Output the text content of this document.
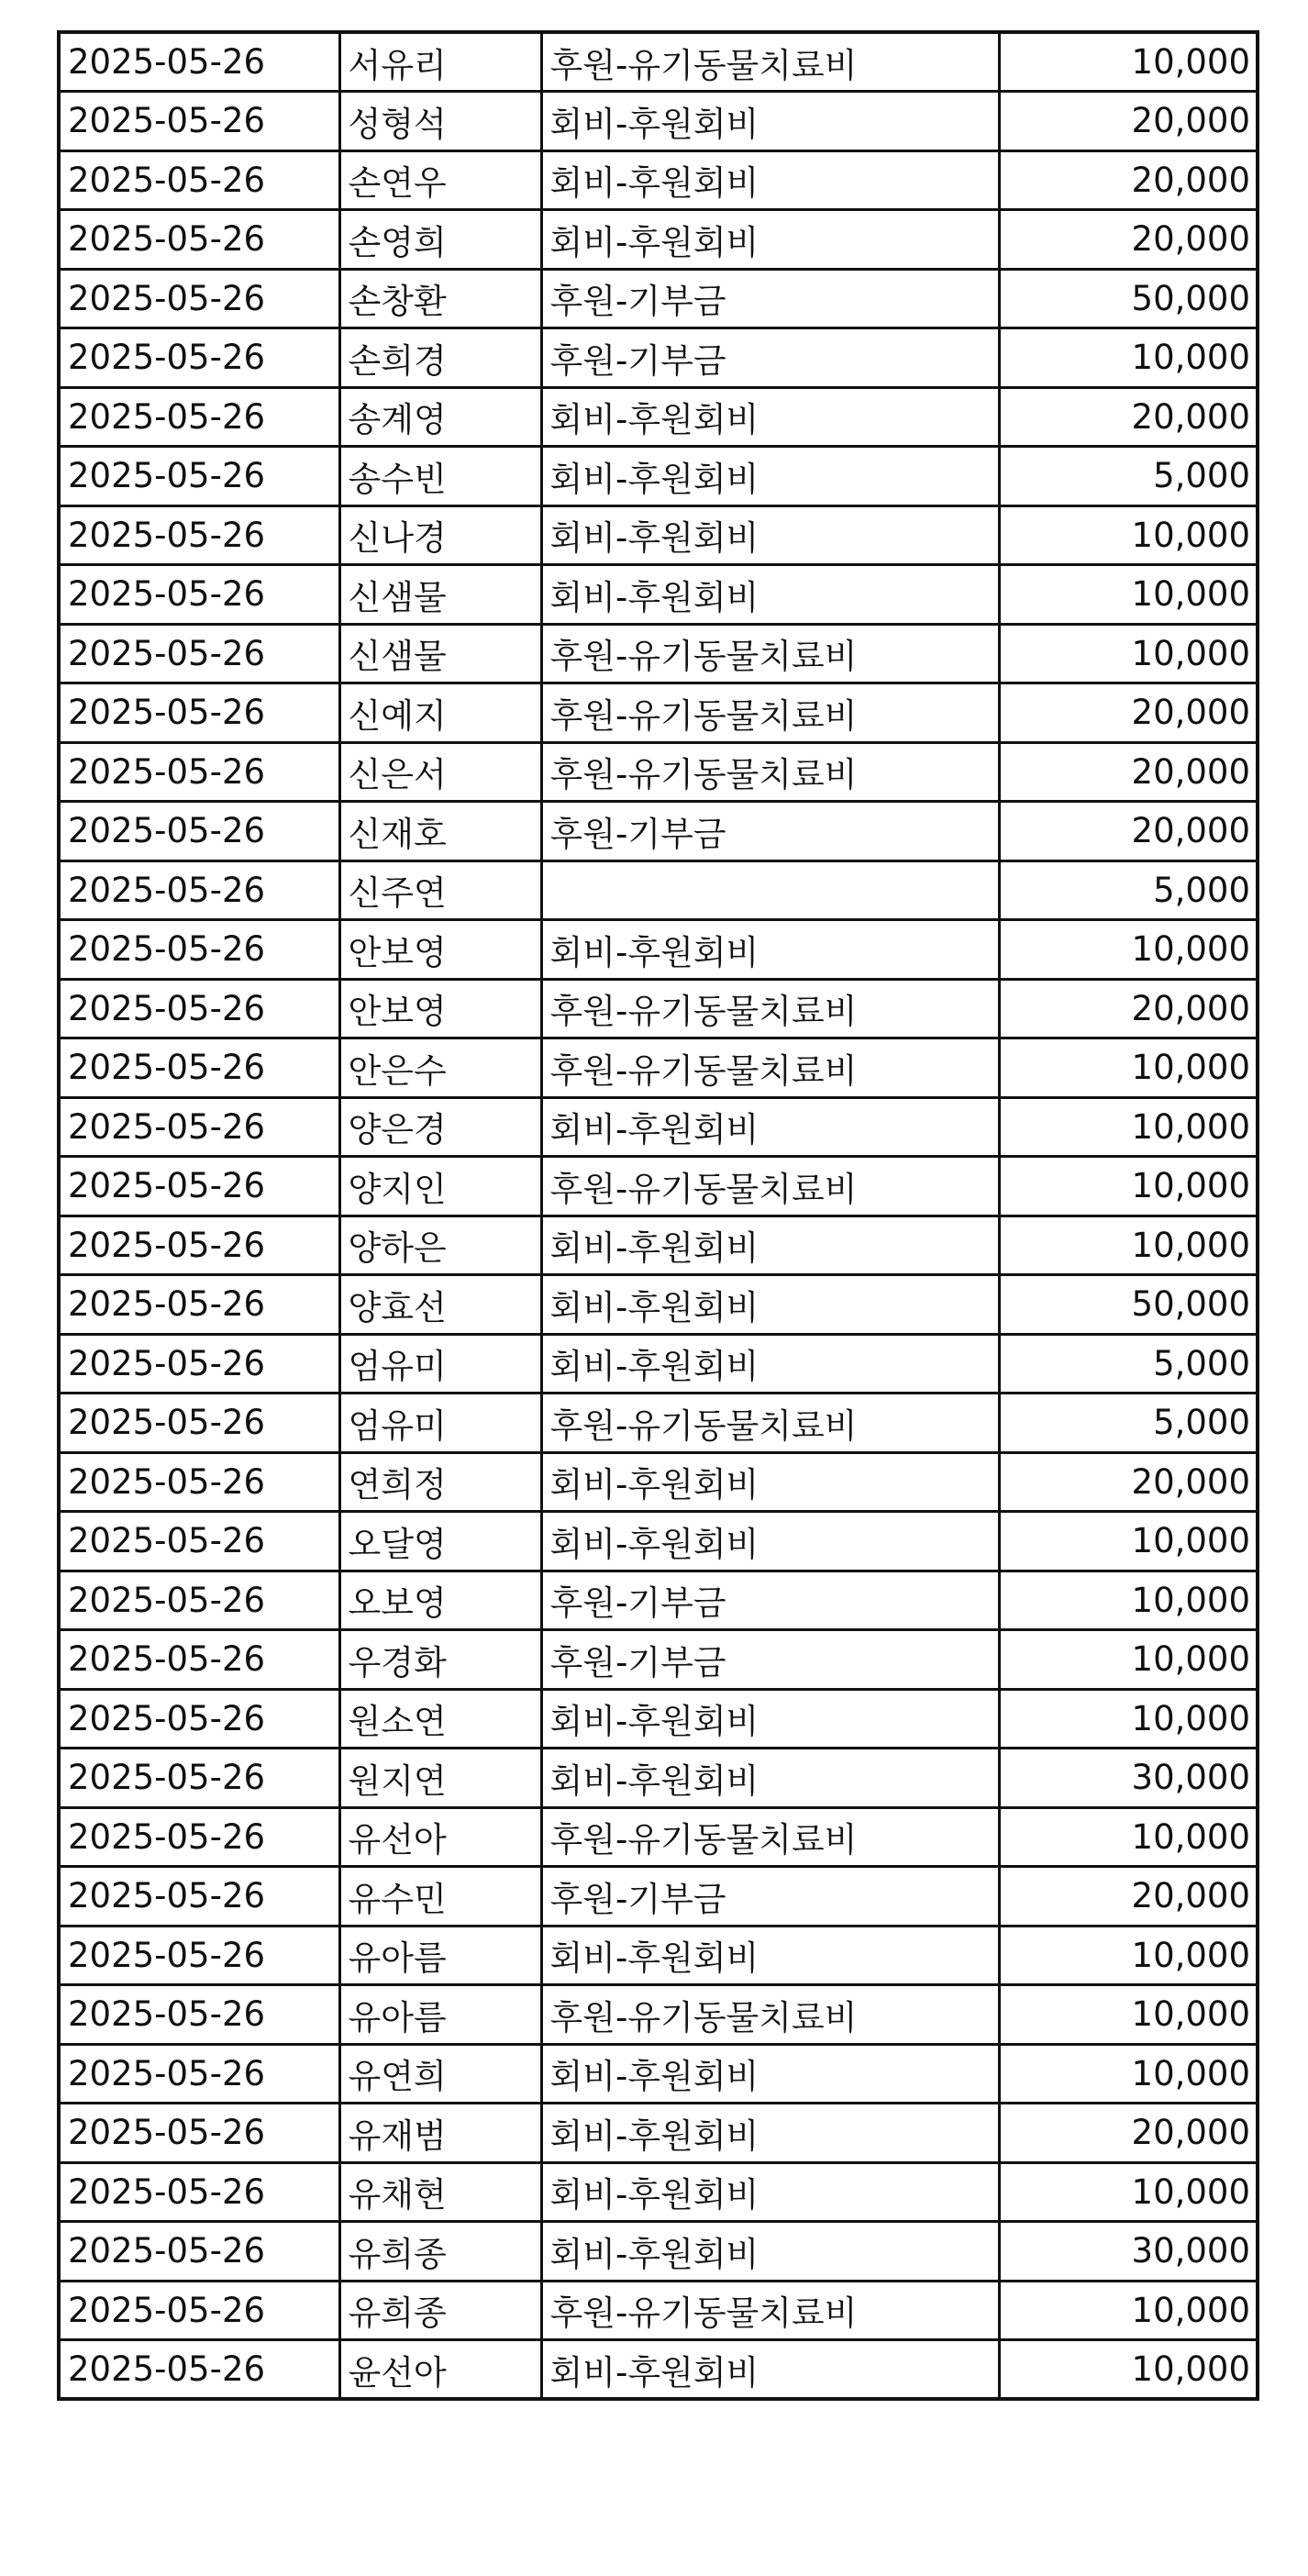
2025-05-26	서유리	후원-유기동물치료비	10,000
2025-05-26	성형석	회비-후원회비	20,000
2025-05-26	손연우	회비-후원회비	20,000
2025-05-26	손영희	회비-후원회비	20,000
2025-05-26	손창환	후원-기부금	50,000
2025-05-26	손희경	후원-기부금	10,000
2025-05-26	송계영	회비-후원회비	20,000
2025-05-26	송수빈	회비-후원회비	5,000
2025-05-26	신나경	회비-후원회비	10,000
2025-05-26	신샘물	회비-후원회비	10,000
2025-05-26	신샘물	후원-유기동물치료비	10,000
2025-05-26	신예지	후원-유기동물치료비	20,000
2025-05-26	신은서	후원-유기동물치료비	20,000
2025-05-26	신재호	후원-기부금	20,000
2025-05-26	신주연		5,000
2025-05-26	안보영	회비-후원회비	10,000
2025-05-26	안보영	후원-유기동물치료비	20,000
2025-05-26	안은수	후원-유기동물치료비	10,000
2025-05-26	양은경	회비-후원회비	10,000
2025-05-26	양지인	후원-유기동물치료비	10,000
2025-05-26	양하은	회비-후원회비	10,000
2025-05-26	양효선	회비-후원회비	50,000
2025-05-26	엄유미	회비-후원회비	5,000
2025-05-26	엄유미	후원-유기동물치료비	5,000
2025-05-26	연희정	회비-후원회비	20,000
2025-05-26	오달영	회비-후원회비	10,000
2025-05-26	오보영	후원-기부금	10,000
2025-05-26	우경화	후원-기부금	10,000
2025-05-26	원소연	회비-후원회비	10,000
2025-05-26	원지연	회비-후원회비	30,000
2025-05-26	유선아	후원-유기동물치료비	10,000
2025-05-26	유수민	후원-기부금	20,000
2025-05-26	유아름	회비-후원회비	10,000
2025-05-26	유아름	후원-유기동물치료비	10,000
2025-05-26	유연희	회비-후원회비	10,000
2025-05-26	유재범	회비-후원회비	20,000
2025-05-26	유채현	회비-후원회비	10,000
2025-05-26	유희종	회비-후원회비	30,000
2025-05-26	유희종	후원-유기동물치료비	10,000
2025-05-26	윤선아	회비-후원회비	10,000
